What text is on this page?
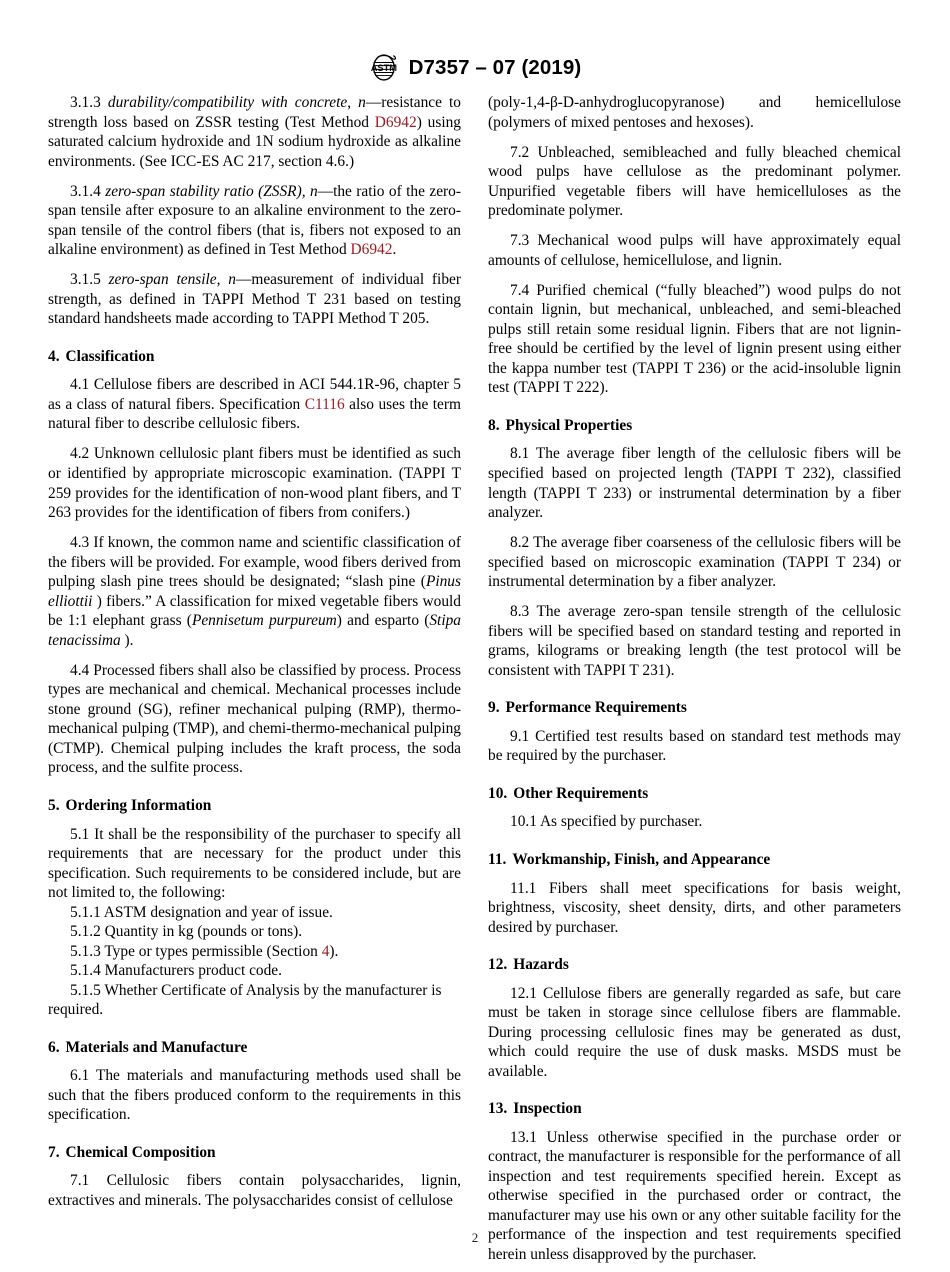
ASTM D7357 – 07 (2019)

3.1.3 durability/compatibility with concrete, n—resistance to strength loss based on ZSSR testing (Test Method D6942) using saturated calcium hydroxide and 1N sodium hydroxide as alkaline environments. (See ICC-ES AC 217, section 4.6.)

3.1.4 zero-span stability ratio (ZSSR), n—the ratio of the zero-span tensile after exposure to an alkaline environment to the zero-span tensile of the control fibers (that is, fibers not exposed to an alkaline environment) as defined in Test Method D6942.

3.1.5 zero-span tensile, n—measurement of individual fiber strength, as defined in TAPPI Method T 231 based on testing standard handsheets made according to TAPPI Method T 205.

4. Classification

4.1 Cellulose fibers are described in ACI 544.1R-96, chapter 5 as a class of natural fibers. Specification C1116 also uses the term natural fiber to describe cellulosic fibers.

4.2 Unknown cellulosic plant fibers must be identified as such or identified by appropriate microscopic examination. (TAPPI T 259 provides for the identification of non-wood plant fibers, and T 263 provides for the identification of fibers from conifers.)

4.3 If known, the common name and scientific classification of the fibers will be provided. For example, wood fibers derived from pulping slash pine trees should be designated; “slash pine (Pinus elliottii ) fibers.” A classification for mixed vegetable fibers would be 1:1 elephant grass (Pennisetum purpureum) and esparto (Stipa tenacissima ).

4.4 Processed fibers shall also be classified by process. Process types are mechanical and chemical. Mechanical processes include stone ground (SG), refiner mechanical pulping (RMP), thermo-mechanical pulping (TMP), and chemi-thermo-mechanical pulping (CTMP). Chemical pulping includes the kraft process, the soda process, and the sulfite process.

5. Ordering Information

5.1 It shall be the responsibility of the purchaser to specify all requirements that are necessary for the product under this specification. Such requirements to be considered include, but are not limited to, the following:

5.1.1 ASTM designation and year of issue.

5.1.2 Quantity in kg (pounds or tons).

5.1.3 Type or types permissible (Section 4).

5.1.4 Manufacturers product code.

5.1.5 Whether Certificate of Analysis by the manufacturer is required.

6. Materials and Manufacture

6.1 The materials and manufacturing methods used shall be such that the fibers produced conform to the requirements in this specification.

7. Chemical Composition

7.1 Cellulosic fibers contain polysaccharides, lignin, extractives and minerals. The polysaccharides consist of cellulose

(poly-1,4-β-D-anhydroglucopyranose) and hemicellulose (polymers of mixed pentoses and hexoses).

7.2 Unbleached, semibleached and fully bleached chemical wood pulps have cellulose as the predominant polymer. Unpurified vegetable fibers will have hemicelluloses as the predominate polymer.

7.3 Mechanical wood pulps will have approximately equal amounts of cellulose, hemicellulose, and lignin.

7.4 Purified chemical (“fully bleached”) wood pulps do not contain lignin, but mechanical, unbleached, and semi-bleached pulps still retain some residual lignin. Fibers that are not lignin-free should be certified by the level of lignin present using either the kappa number test (TAPPI T 236) or the acid-insoluble lignin test (TAPPI T 222).

8. Physical Properties

8.1 The average fiber length of the cellulosic fibers will be specified based on projected length (TAPPI T 232), classified length (TAPPI T 233) or instrumental determination by a fiber analyzer.

8.2 The average fiber coarseness of the cellulosic fibers will be specified based on microscopic examination (TAPPI T 234) or instrumental determination by a fiber analyzer.

8.3 The average zero-span tensile strength of the cellulosic fibers will be specified based on standard testing and reported in grams, kilograms or breaking length (the test protocol will be consistent with TAPPI T 231).

9. Performance Requirements

9.1 Certified test results based on standard test methods may be required by the purchaser.

10. Other Requirements

10.1 As specified by purchaser.

11. Workmanship, Finish, and Appearance

11.1 Fibers shall meet specifications for basis weight, brightness, viscosity, sheet density, dirts, and other parameters desired by purchaser.

12. Hazards

12.1 Cellulose fibers are generally regarded as safe, but care must be taken in storage since cellulose fibers are flammable. During processing cellulosic fines may be generated as dust, which could require the use of dusk masks. MSDS must be available.

13. Inspection

13.1 Unless otherwise specified in the purchase order or contract, the manufacturer is responsible for the performance of all inspection and test requirements specified herein. Except as otherwise specified in the purchased order or contract, the manufacturer may use his own or any other suitable facility for the performance of the inspection and test requirements specified herein unless disapproved by the purchaser.

2
